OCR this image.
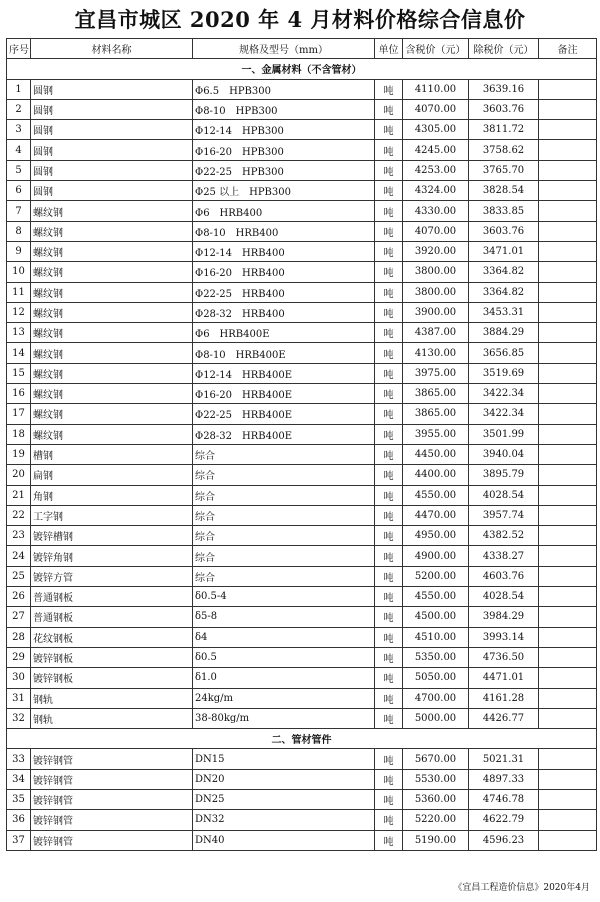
宜昌市城区 2020 年 4 月材料价格综合信息价
序号	材料名称	规格及型号（mm）	单位	含税价（元）	除税价（元）	备注
一、金属材料（不含管材）						
1	圆钢	Φ6.5　HPB300	吨	4110.00	3639.16	
2	圆钢	Φ8-10　HPB300	吨	4070.00	3603.76	
3	圆钢	Φ12-14　HPB300	吨	4305.00	3811.72	
4	圆钢	Φ16-20　HPB300	吨	4245.00	3758.62	
5	圆钢	Φ22-25　HPB300	吨	4253.00	3765.70	
6	圆钢	Φ25 以上　HPB300	吨	4324.00	3828.54	
7	螺纹钢	Φ6　HRB400	吨	4330.00	3833.85	
8	螺纹钢	Φ8-10　HRB400	吨	4070.00	3603.76	
9	螺纹钢	Φ12-14　HRB400	吨	3920.00	3471.01	
10	螺纹钢	Φ16-20　HRB400	吨	3800.00	3364.82	
11	螺纹钢	Φ22-25　HRB400	吨	3800.00	3364.82	
12	螺纹钢	Φ28-32　HRB400	吨	3900.00	3453.31	
13	螺纹钢	Φ6　HRB400E	吨	4387.00	3884.29	
14	螺纹钢	Φ8-10　HRB400E	吨	4130.00	3656.85	
15	螺纹钢	Φ12-14　HRB400E	吨	3975.00	3519.69	
16	螺纹钢	Φ16-20　HRB400E	吨	3865.00	3422.34	
17	螺纹钢	Φ22-25　HRB400E	吨	3865.00	3422.34	
18	螺纹钢	Φ28-32　HRB400E	吨	3955.00	3501.99	
19	槽钢	综合	吨	4450.00	3940.04	
20	扁钢	综合	吨	4400.00	3895.79	
21	角钢	综合	吨	4550.00	4028.54	
22	工字钢	综合	吨	4470.00	3957.74	
23	镀锌槽钢	综合	吨	4950.00	4382.52	
24	镀锌角钢	综合	吨	4900.00	4338.27	
25	镀锌方管	综合	吨	5200.00	4603.76	
26	普通钢板	δ0.5-4	吨	4550.00	4028.54	
27	普通钢板	δ5-8	吨	4500.00	3984.29	
28	花纹钢板	δ4	吨	4510.00	3993.14	
29	镀锌钢板	δ0.5	吨	5350.00	4736.50	
30	镀锌钢板	δ1.0	吨	5050.00	4471.01	
31	钢轨	24kg/m	吨	4700.00	4161.28	
32	钢轨	38-80kg/m	吨	5000.00	4426.77	
二、管材管件						
33	镀锌钢管	DN15	吨	5670.00	5021.31	
34	镀锌钢管	DN20	吨	5530.00	4897.33	
35	镀锌钢管	DN25	吨	5360.00	4746.78	
36	镀锌钢管	DN32	吨	5220.00	4622.79	
37	镀锌钢管	DN40	吨	5190.00	4596.23	
《宜昌工程造价信息》2020年4月
